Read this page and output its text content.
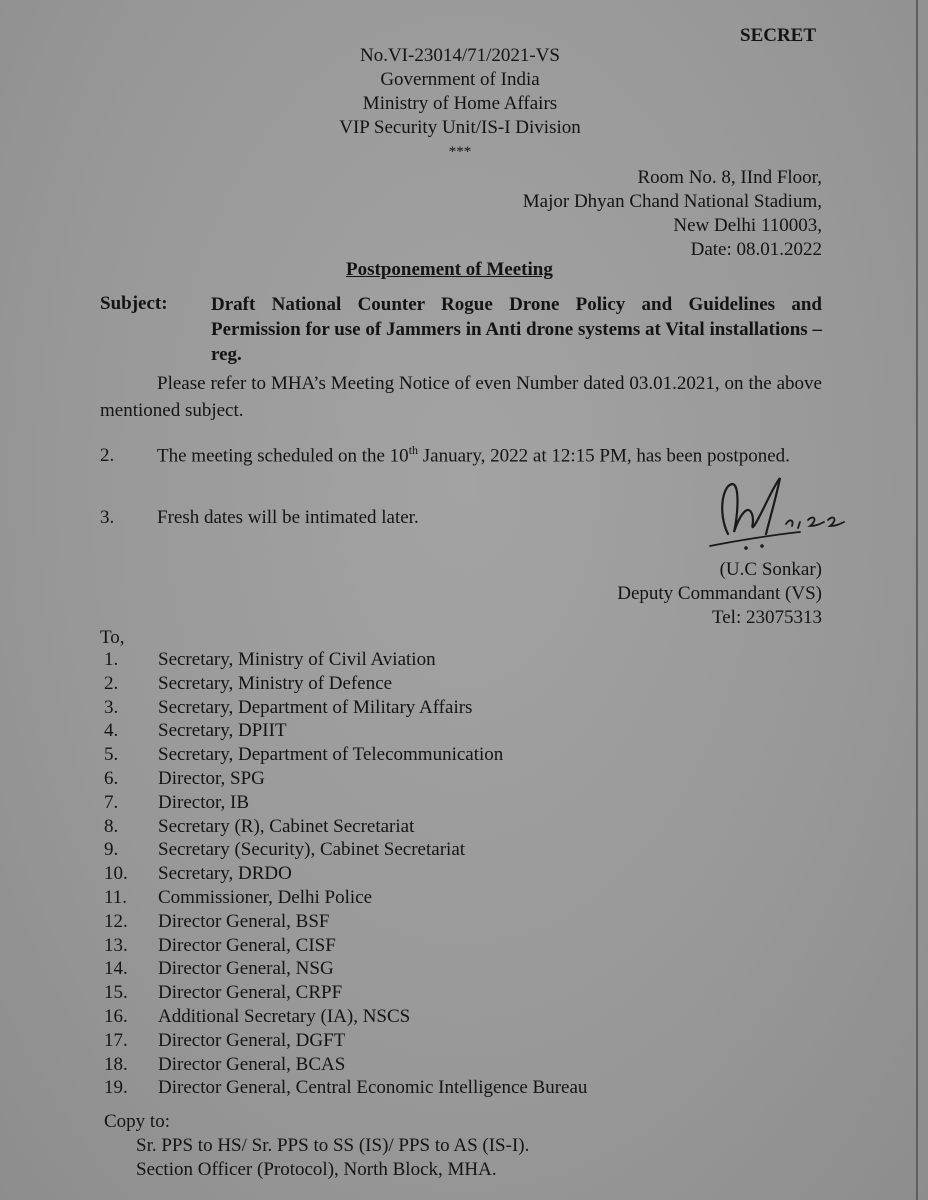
SECRET
No.VI-23014/71/2021-VS
Government of India
Ministry of Home Affairs
VIP Security Unit/IS-I Division
***
Room No. 8, IInd Floor,
Major Dhyan Chand National Stadium,
New Delhi 110003,
Date: 08.01.2022
Postponement of Meeting
Subject: Draft National Counter Rogue Drone Policy and Guidelines and Permission for use of Jammers in Anti drone systems at Vital installations – reg.
Please refer to MHA’s Meeting Notice of even Number dated 03.01.2021, on the above mentioned subject.
2. The meeting scheduled on the 10th January, 2022 at 12:15 PM, has been postponed.
3. Fresh dates will be intimated later.
(U.C Sonkar)
Deputy Commandant (VS)
Tel: 23075313
To,
1. Secretary, Ministry of Civil Aviation
2. Secretary, Ministry of Defence
3. Secretary, Department of Military Affairs
4. Secretary, DPIIT
5. Secretary, Department of Telecommunication
6. Director, SPG
7. Director, IB
8. Secretary (R), Cabinet Secretariat
9. Secretary (Security), Cabinet Secretariat
10. Secretary, DRDO
11. Commissioner, Delhi Police
12. Director General, BSF
13. Director General, CISF
14. Director General, NSG
15. Director General, CRPF
16. Additional Secretary (IA), NSCS
17. Director General, DGFT
18. Director General, BCAS
19. Director General, Central Economic Intelligence Bureau
Copy to:
Sr. PPS to HS/ Sr. PPS to SS (IS)/ PPS to AS (IS-I).
Section Officer (Protocol), North Block, MHA.
